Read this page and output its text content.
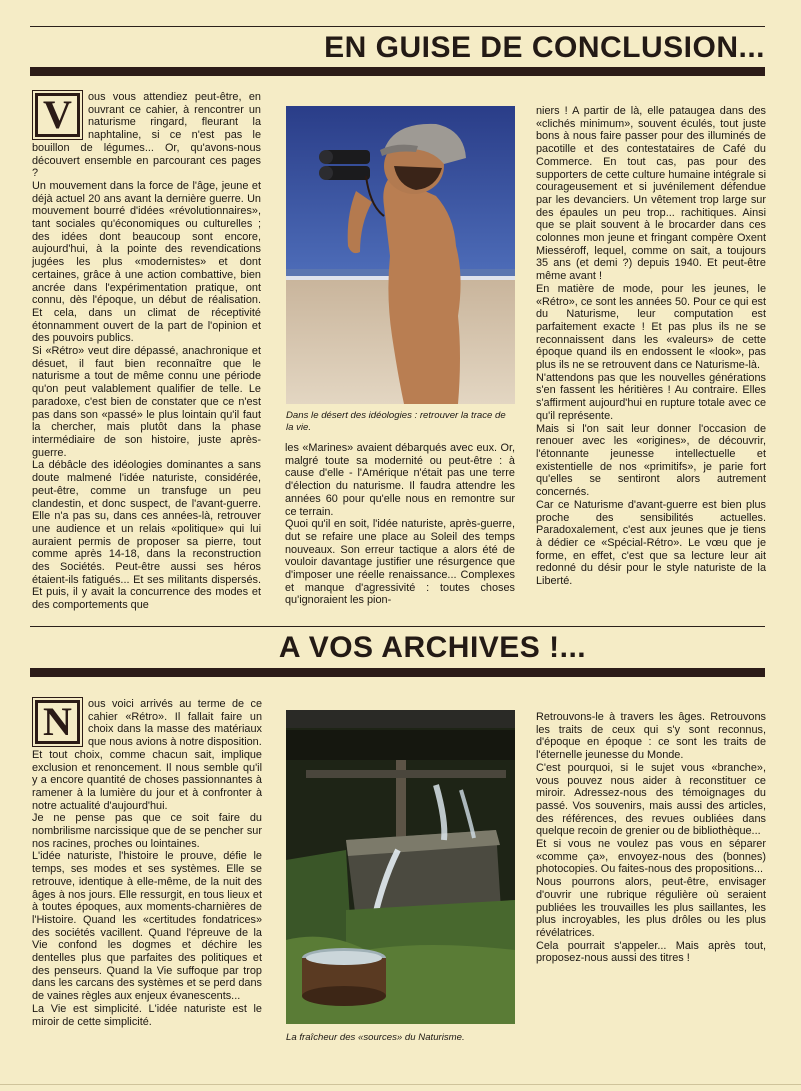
EN GUISE DE CONCLUSION...
V	ous vous attendiez peut-être, en ouvrant ce cahier, à rencontrer un naturisme ringard, fleurant la naphtaline, si ce n'est pas le bouillon de légumes... Or, qu'avons-nous découvert ensemble en parcourant ces pages ?

Un mouvement dans la force de l'âge, jeune et déjà actuel 20 ans avant la dernière guerre. Un mouvement bourré d'idées «révolutionnaires», tant sociales qu'économiques ou culturelles ; des idées dont beaucoup sont encore, aujourd'hui, à la pointe des revendications jugées les plus «modernistes» et dont certaines, grâce à une action combattive, bien ancrée dans l'expérimentation pratique, ont connu, dès l'époque, un début de réalisation. Et cela, dans un climat de réceptivité étonnamment ouvert de la part de l'opinion et des pouvoirs publics.

Si «Rétro» veut dire dépassé, anachronique et désuet, il faut bien reconnaître que le naturisme a tout de même connu une période qu'on peut valablement qualifier de telle. Le paradoxe, c'est bien de constater que ce n'est pas dans son «passé» le plus lointain qu'il faut la chercher, mais plutôt dans la phase intermédiaire de son histoire, juste après-guerre.

La débâcle des idéologies dominantes a sans doute malmené l'idée naturiste, considérée, peut-être, comme un transfuge un peu clandestin, et donc suspect, de l'avant-guerre. Elle n'a pas su, dans ces années-là, retrouver une audience et un relais «politique» qui lui auraient permis de proposer sa pierre, tout comme après 14-18, dans la reconstruction des Sociétés. Peut-être aussi ses héros étaient-ils fatigués... Et ses militants dispersés. Et puis, il y avait la concurrence des modes et des comportements que

Dans le désert des idéologies : retrouver la trace de la vie.

les «Marines» avaient débarqués avec eux. Or, malgré toute sa modernité ou peut-être : à cause d'elle - l'Amérique n'était pas une terre d'élection du naturisme. Il faudra attendre les années 60 pour qu'elle nous en remontre sur ce terrain.

Quoi qu'il en soit, l'idée naturiste, après-guerre, dut se refaire une place au Soleil des temps nouveaux. Son erreur tactique a alors été de vouloir davantage justifier une résurgence que d'imposer une réelle renaissance... Complexes et manque d'agressivité : toutes choses qu'ignoraient les pion-

niers ! A partir de là, elle pataugea dans des «clichés minimum», souvent éculés, tout juste bons à nous faire passer pour des illuminés de pacotille et des contestataires de Café du Commerce. En tout cas, pas pour des supporters de cette culture humaine intégrale si courageusement et si juvénilement défendue par les devanciers. Un vêtement trop large sur des épaules un peu trop... rachitiques. Ainsi que se plait souvent à le brocarder dans ces colonnes mon jeune et fringant compère Oxent Miesséroff, lequel, comme on sait, a toujours 35 ans (et demi ?) depuis 1940. Et peut-être même avant !

En matière de mode, pour les jeunes, le «Rétro», ce sont les années 50. Pour ce qui est du Naturisme, leur computation est parfaitement exacte ! Et pas plus ils ne se reconnaissent dans les «valeurs» de cette époque quand ils en endossent le «look», pas plus ils ne se retrouvent dans ce Naturisme-là.

N'attendons pas que les nouvelles générations s'en fassent les héritières ! Au contraire. Elles s'affirment aujourd'hui en rupture totale avec ce qu'il représente.

Mais si l'on sait leur donner l'occasion de renouer avec les «origines», de découvrir, l'étonnante jeunesse intellectuelle et existentielle de nos «primitifs», je parie fort qu'elles se sentiront alors autrement concernés.

Car ce Naturisme d'avant-guerre est bien plus proche des sensibilités actuelles. Paradoxalement, c'est aux jeunes que je tiens à dédier ce «Spécial-Rétro». Le vœu que je forme, en effet, c'est que sa lecture leur ait redonné du désir pour le style naturiste de la Liberté.

A VOS ARCHIVES !...
N	ous voici arrivés au terme de ce cahier «Rétro». Il fallait faire un choix dans la masse des matériaux que nous avions à notre disposition.

Et tout choix, comme chacun sait, implique exclusion et renoncement. Il nous semble qu'il y a encore quantité de choses passionnantes à ramener à la lumière du jour et à confronter à notre actualité d'aujourd'hui.

Je ne pense pas que ce soit faire du nombrilisme narcissique que de se pencher sur nos racines, proches ou lointaines.

L'idée naturiste, l'histoire le prouve, défie le temps, ses modes et ses systèmes. Elle se retrouve, identique à elle-même, de la nuit des âges à nos jours. Elle ressurgit, en tous lieux et à toutes époques, aux moments-charnières de l'Histoire. Quand les «certitudes fondatrices» des sociétés vacillent. Quand l'épreuve de la Vie confond les dogmes et déchire les dentelles plus que parfaites des politiques et des penseurs. Quand la Vie suffoque par trop dans les carcans des systèmes et se perd dans de vaines règles aux enjeux évanescents...

La Vie est simplicité. L'idée naturiste est le miroir de cette simplicité.

La fraîcheur des «sources» du Naturisme.

Retrouvons-le à travers les âges. Retrouvons les traits de ceux qui s'y sont reconnus, d'époque en époque : ce sont les traits de l'éternelle jeunesse du Monde.

C'est pourquoi, si le sujet vous «branche», vous pouvez nous aider à reconstituer ce miroir. Adressez-nous des témoignages du passé. Vos souvenirs, mais aussi des articles, des références, des revues oubliées dans quelque recoin de grenier ou de bibliothèque...

Et si vous ne voulez pas vous en séparer «comme ça», envoyez-nous des (bonnes) photocopies. Ou faites-nous des propositions...

Nous pourrons alors, peut-être, envisager d'ouvrir une rubrique régulière où seraient publiées les trouvailles les plus saillantes, les plus incroyables, les plus drôles ou les plus révélatrices.

Cela pourrait s'appeler... Mais après tout, proposez-nous aussi des titres !
